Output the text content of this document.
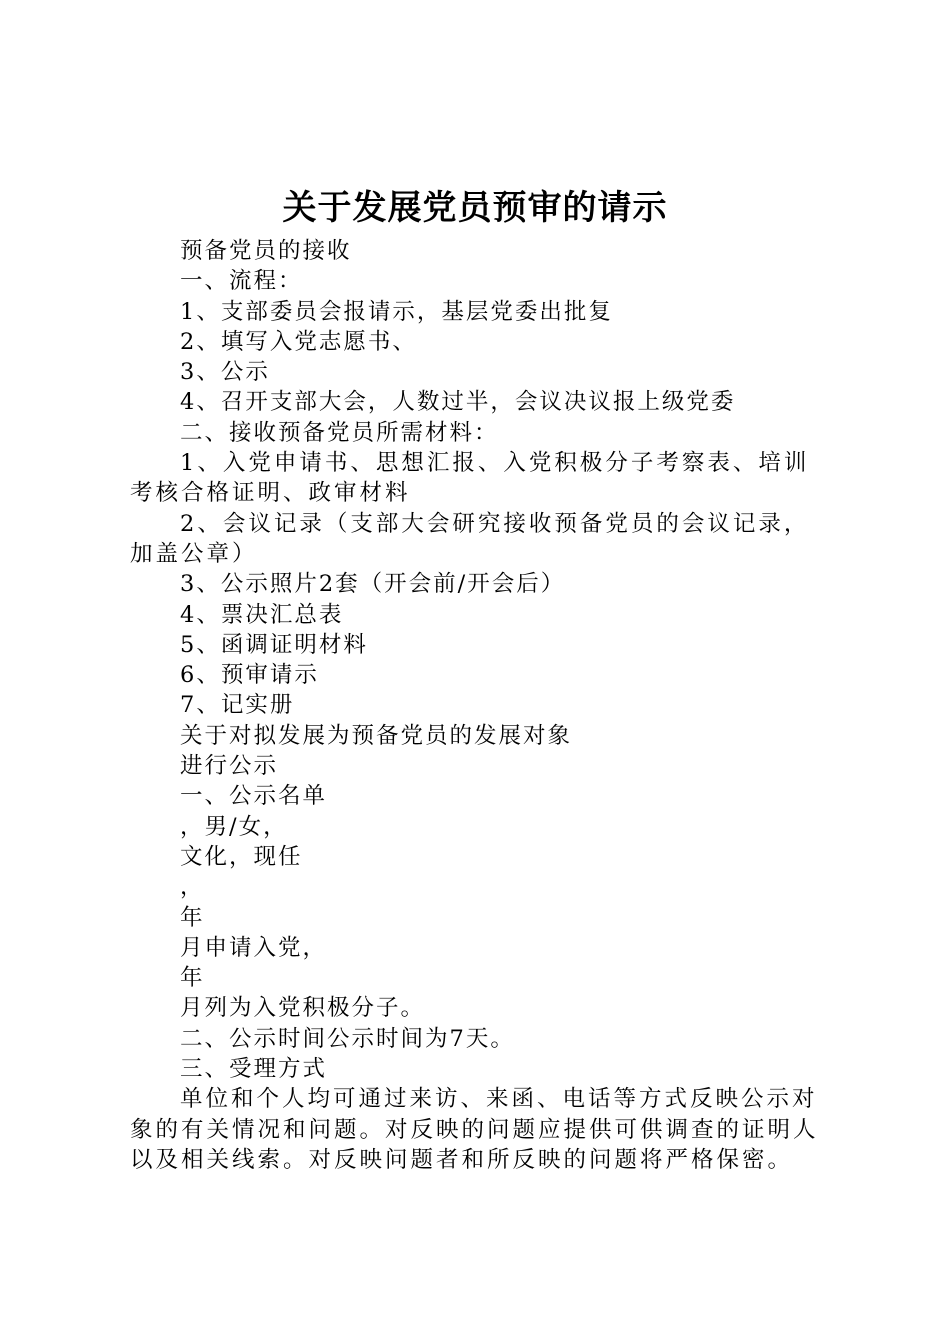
关于发展党员预审的请示

预备党员的接收

一、流程：

1、支部委员会报请示，基层党委出批复

2、填写入党志愿书、

3、公示

4、召开支部大会，人数过半，会议决议报上级党委

二、接收预备党员所需材料：

1、入党申请书、思想汇报、入党积极分子考察表、培训考核合格证明、政审材料

2、会议记录（支部大会研究接收预备党员的会议记录，加盖公章）

3、公示照片2套（开会前/开会后）

4、票决汇总表

5、函调证明材料

6、预审请示

7、记实册

关于对拟发展为预备党员的发展对象

进行公示

一、公示名单

，男/女，

文化，现任

，

年

月申请入党，

年

月列为入党积极分子。

二、公示时间公示时间为7天。

三、受理方式

单位和个人均可通过来访、来函、电话等方式反映公示对象的有关情况和问题。对反映的问题应提供可供调查的证明人以及相关线索。对反映问题者和所反映的问题将严格保密。
